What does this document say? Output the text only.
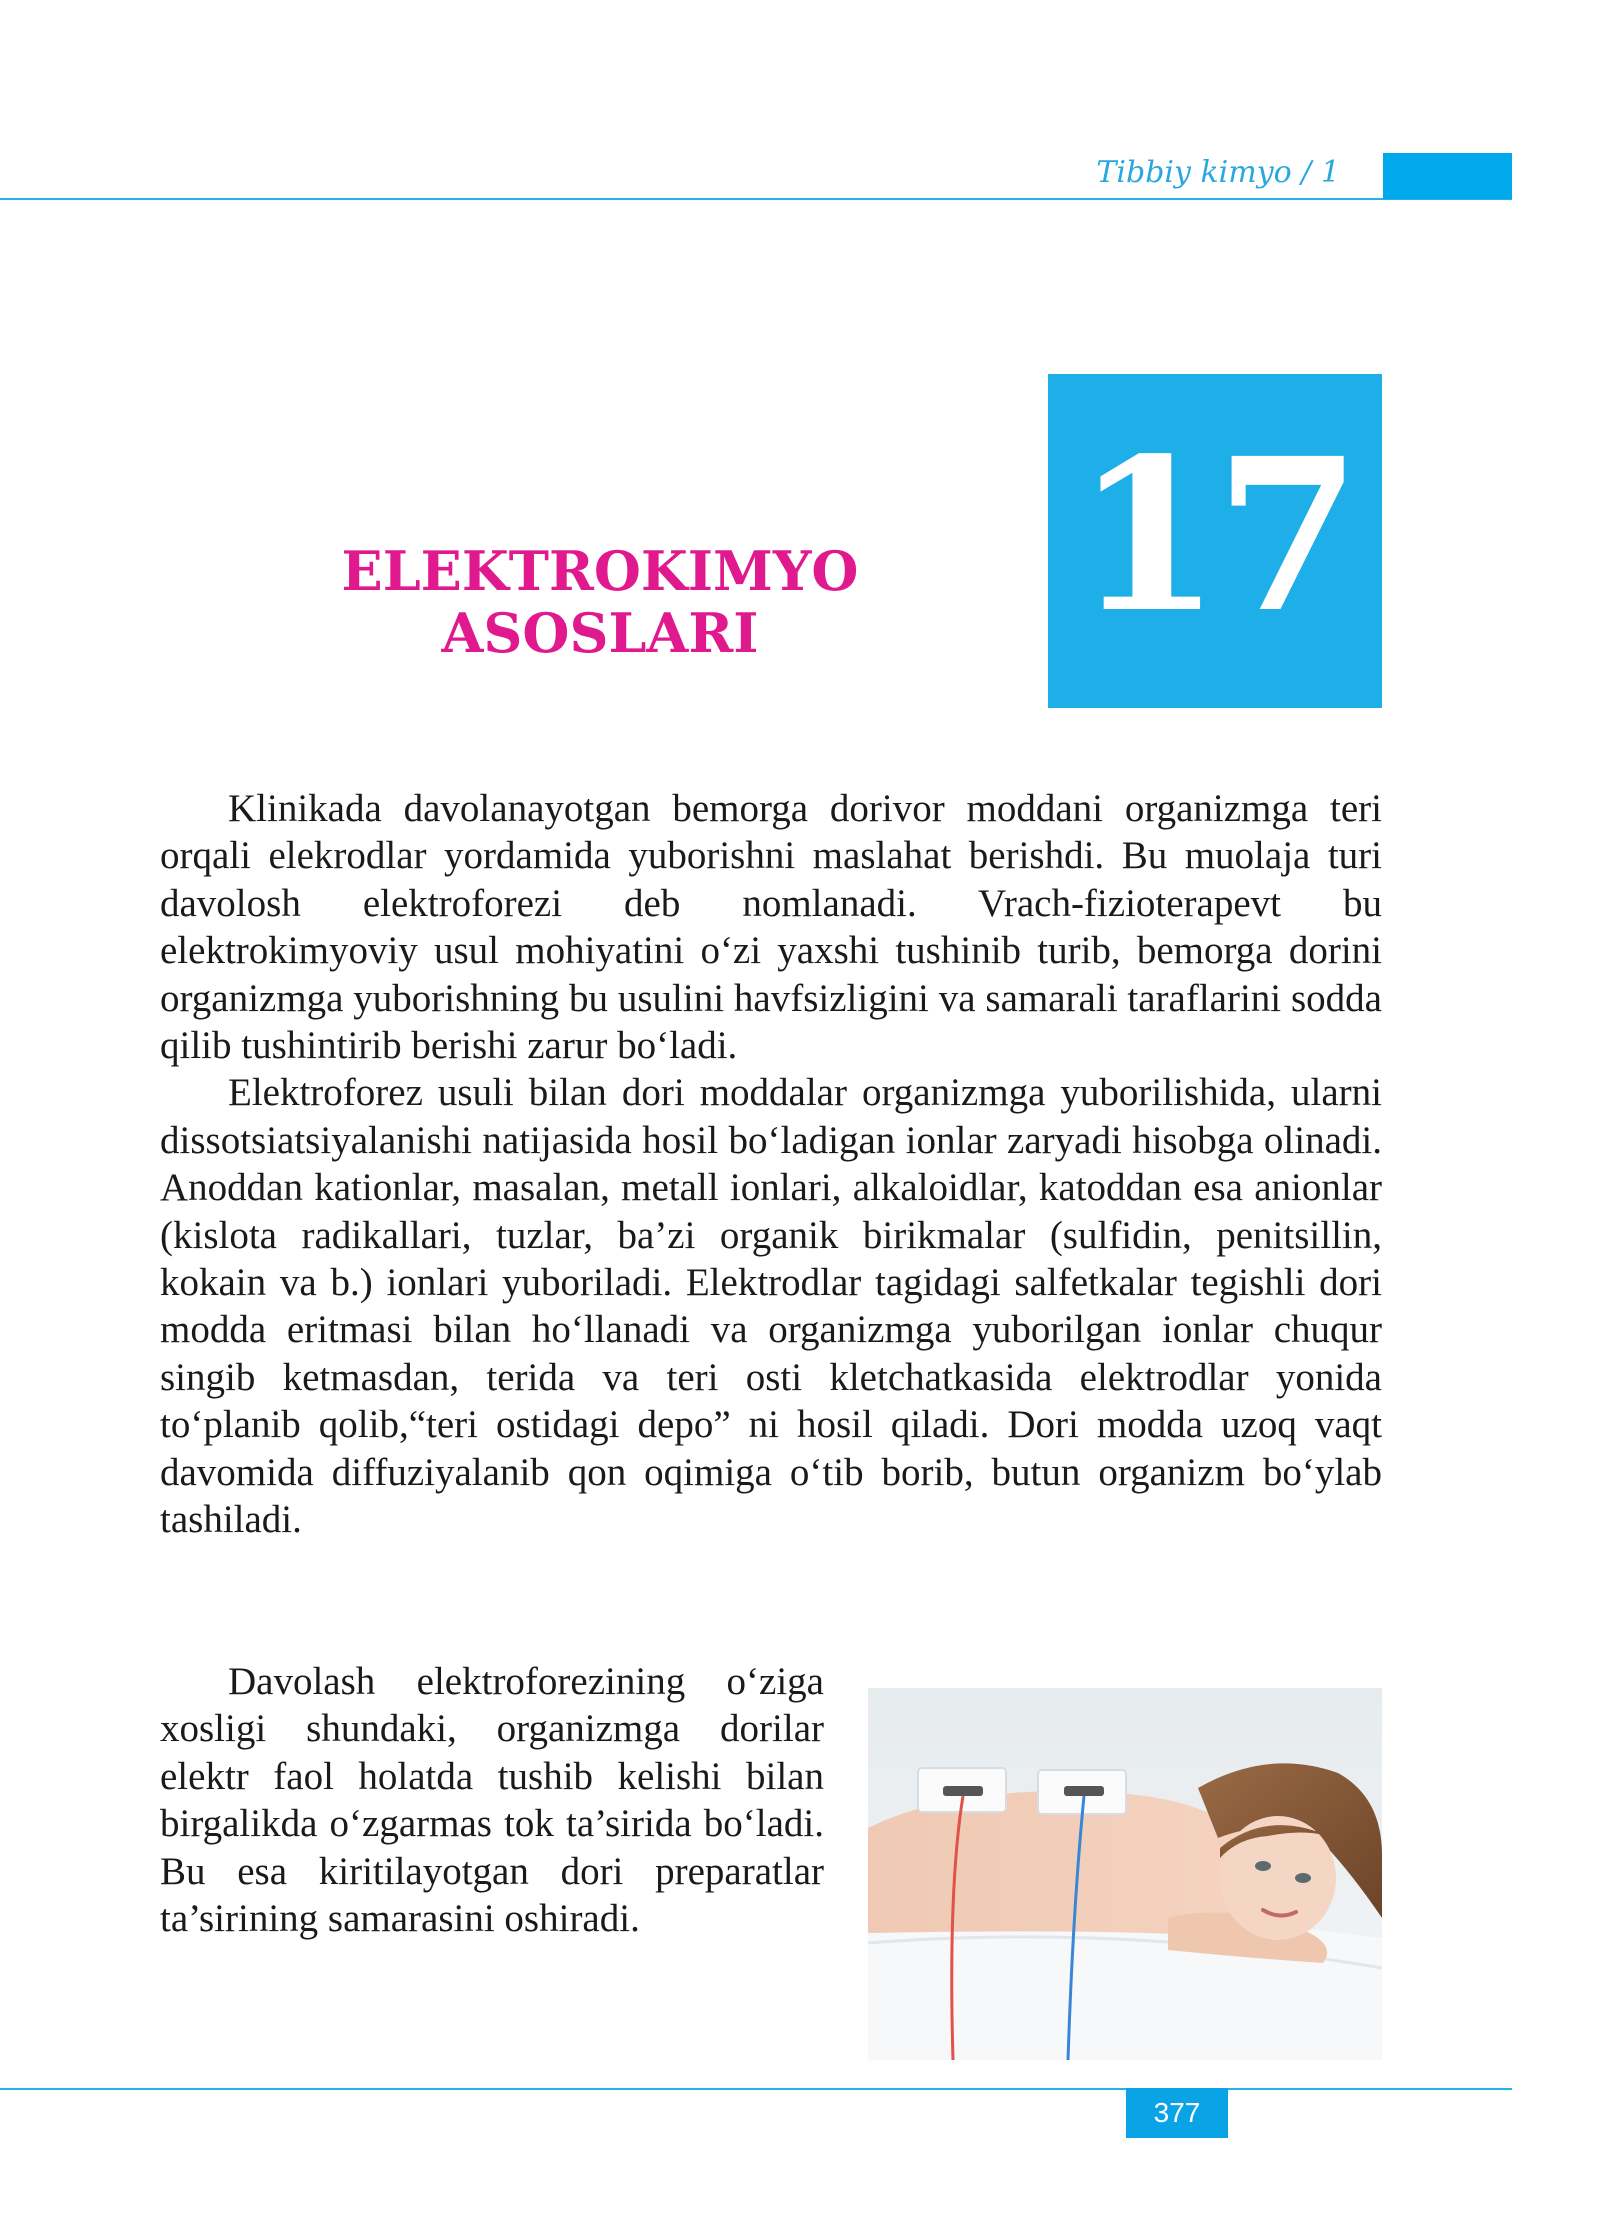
Tibbiy kimyo / 1
ELEKTROKIMYO
ASOSLARI	17

Klinikada davolanayotgan bemorga dorivor moddani organizmga teri orqali elekrodlar yordamida yuborishni maslahat berishdi. Bu muolaja turi davolosh elektroforezi deb nomlanadi. Vrach-fizioterapevt bu elektrokimyoviy usul mohiyatini o‘zi yaxshi tushinib turib, bemorga dorini organizmga yuborishning bu usulini havfsizligini va samarali taraflarini sodda qilib tushintirib berishi zarur bo‘ladi.

Elektroforez usuli bilan dori moddalar organizmga yuborilishida, ularni dissotsiatsiyalanishi natijasida hosil bo‘ladigan ionlar zaryadi hisobga olinadi. Anoddan kationlar, masalan, metall ionlari, alkaloidlar, katoddan esa anionlar (kislota radikallari, tuzlar, ba’zi organik birikmalar (sulfidin, penitsillin, kokain va b.) ionlari yuboriladi. Elektrodlar tagidagi salfetkalar tegishli dori modda eritmasi bilan ho‘llanadi va organizmga yuborilgan ionlar chuqur singib ketmasdan, terida va teri osti kletchatkasida elektrodlar yonida to‘planib qolib,“teri ostidagi depo” ni hosil qiladi. Dori modda uzoq vaqt davomida diffuziyalanib qon oqimiga o‘tib borib, butun organizm bo‘ylab tashiladi.

Davolash elektroforezining o‘ziga xosligi shundaki, organizmga dorilar elektr faol holatda tushib kelishi bilan birgalikda o‘zgarmas tok ta’sirida bo‘ladi. Bu esa kiritilayotgan dori preparatlar ta’sirining samarasini oshiradi.

377
